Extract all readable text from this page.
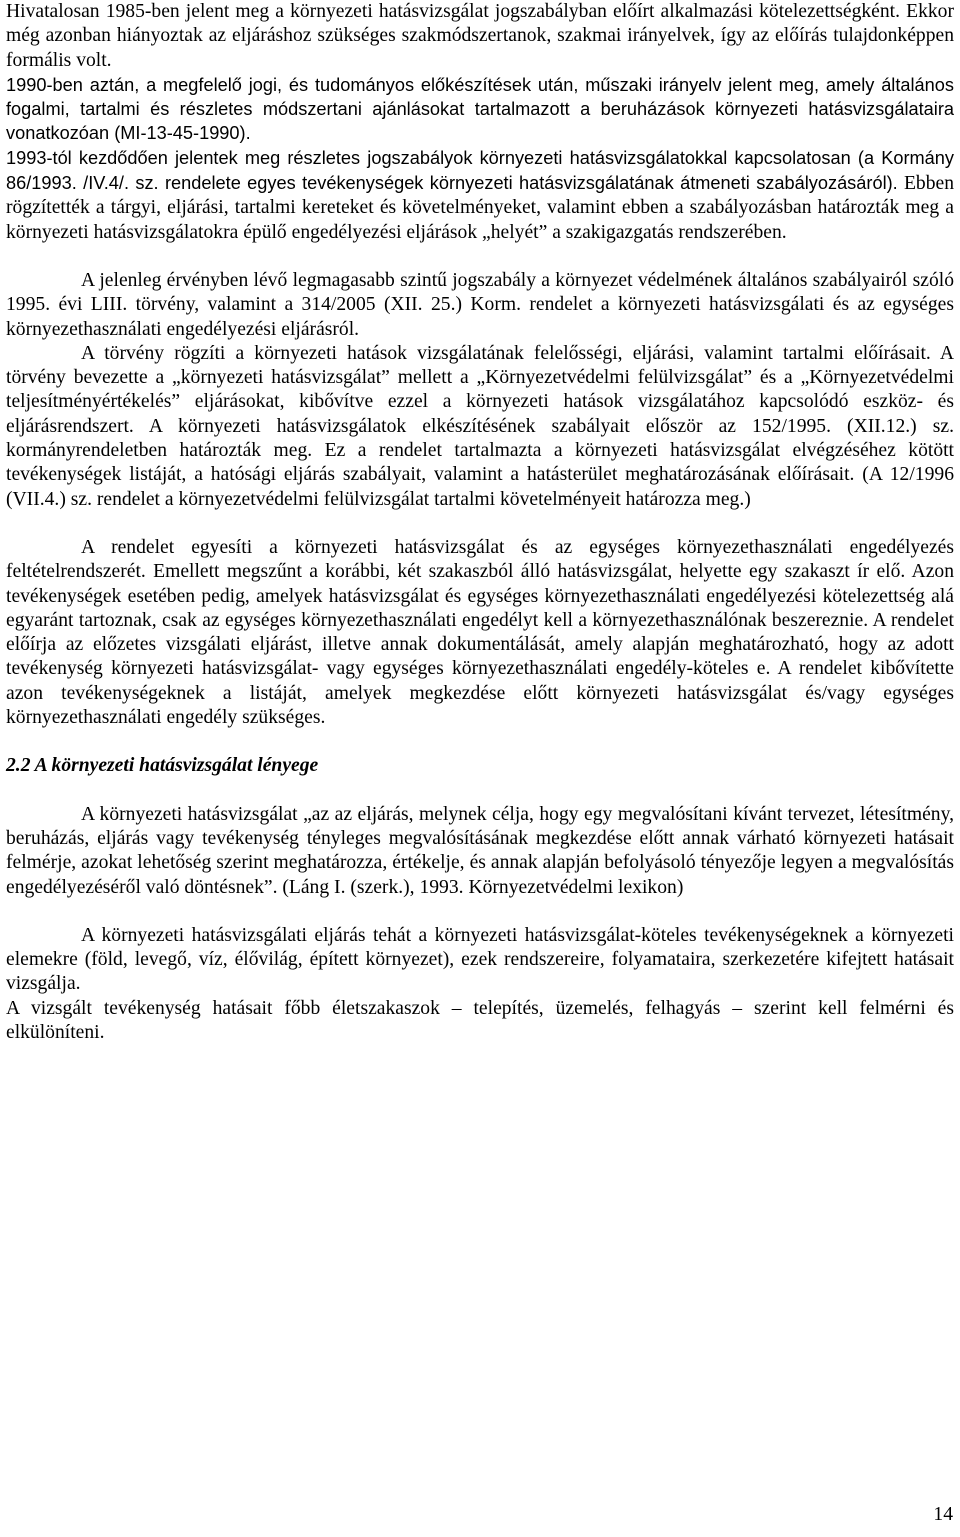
Hivatalosan 1985-ben jelent meg a környezeti hatásvizsgálat jogszabályban előírt alkalmazási kötelezettségként. Ekkor még azonban hiányoztak az eljáráshoz szükséges szakmódszertanok, szakmai irányelvek, így az előírás tulajdonképpen formális volt.

1990-ben aztán, a megfelelő jogi, és tudományos előkészítések után, műszaki irányelv jelent meg, amely általános fogalmi, tartalmi és részletes módszertani ajánlásokat tartalmazott a beruházások környezeti hatásvizsgálataira vonatkozóan (MI-13-45-1990).

1993-tól kezdődően jelentek meg részletes jogszabályok környezeti hatásvizsgálatokkal kapcsolatosan (a Kormány 86/1993. /IV.4/. sz. rendelete egyes tevékenységek környezeti hatásvizsgálatának átmeneti szabályozásáról). Ebben rögzítették a tárgyi, eljárási, tartalmi kereteket és követelményeket, valamint ebben a szabályozásban határozták meg a környezeti hatásvizsgálatokra épülő engedélyezési eljárások „helyét” a szakigazgatás rendszerében.

A jelenleg érvényben lévő legmagasabb szintű jogszabály a környezet védelmének általános szabályairól szóló 1995. évi LIII. törvény, valamint a 314/2005 (XII. 25.) Korm. rendelet a környezeti hatásvizsgálati és az egységes környezethasználati engedélyezési eljárásról.

A törvény rögzíti a környezeti hatások vizsgálatának felelősségi, eljárási, valamint tartalmi előírásait. A törvény bevezette a „környezeti hatásvizsgálat” mellett a „Környezetvédelmi felülvizsgálat” és a „Környezetvédelmi teljesítményértékelés” eljárásokat, kibővítve ezzel a környezeti hatások vizsgálatához kapcsolódó eszköz- és eljárásrendszert. A környezeti hatásvizsgálatok elkészítésének szabályait először az 152/1995. (XII.12.) sz. kormányrendeletben határozták meg. Ez a rendelet tartalmazta a környezeti hatásvizsgálat elvégzéséhez kötött tevékenységek listáját, a hatósági eljárás szabályait, valamint a hatásterület meghatározásának előírásait. (A 12/1996 (VII.4.) sz. rendelet a környezetvédelmi felülvizsgálat tartalmi követelményeit határozza meg.)

A rendelet egyesíti a környezeti hatásvizsgálat és az egységes környezethasználati engedélyezés feltételrendszerét. Emellett megszűnt a korábbi, két szakaszból álló hatásvizsgálat, helyette egy szakaszt ír elő. Azon tevékenységek esetében pedig, amelyek hatásvizsgálat és egységes környezethasználati engedélyezési kötelezettség alá egyaránt tartoznak, csak az egységes környezethasználati engedélyt kell a környezethasználónak beszereznie. A rendelet előírja az előzetes vizsgálati eljárást, illetve annak dokumentálását, amely alapján meghatározható, hogy az adott tevékenység környezeti hatásvizsgálat- vagy egységes környezethasználati engedély-köteles e. A rendelet kibővítette azon tevékenységeknek a listáját, amelyek megkezdése előtt környezeti hatásvizsgálat és/vagy egységes környezethasználati engedély szükséges.

2.2 A környezeti hatásvizsgálat lényege

A környezeti hatásvizsgálat „az az eljárás, melynek célja, hogy egy megvalósítani kívánt tervezet, létesítmény, beruházás, eljárás vagy tevékenység tényleges megvalósításának megkezdése előtt annak várható környezeti hatásait felmérje, azokat lehetőség szerint meghatározza, értékelje, és annak alapján befolyásoló tényezője legyen a megvalósítás engedélyezéséről való döntésnek”. (Láng I. (szerk.), 1993. Környezetvédelmi lexikon)

A környezeti hatásvizsgálati eljárás tehát a környezeti hatásvizsgálat-köteles tevékenységeknek a környezeti elemekre (föld, levegő, víz, élővilág, épített környezet), ezek rendszereire, folyamataira, szerkezetére kifejtett hatásait vizsgálja.

A vizsgált tevékenység hatásait főbb életszakaszok – telepítés, üzemelés, felhagyás – szerint kell felmérni és elkülöníteni.

14
